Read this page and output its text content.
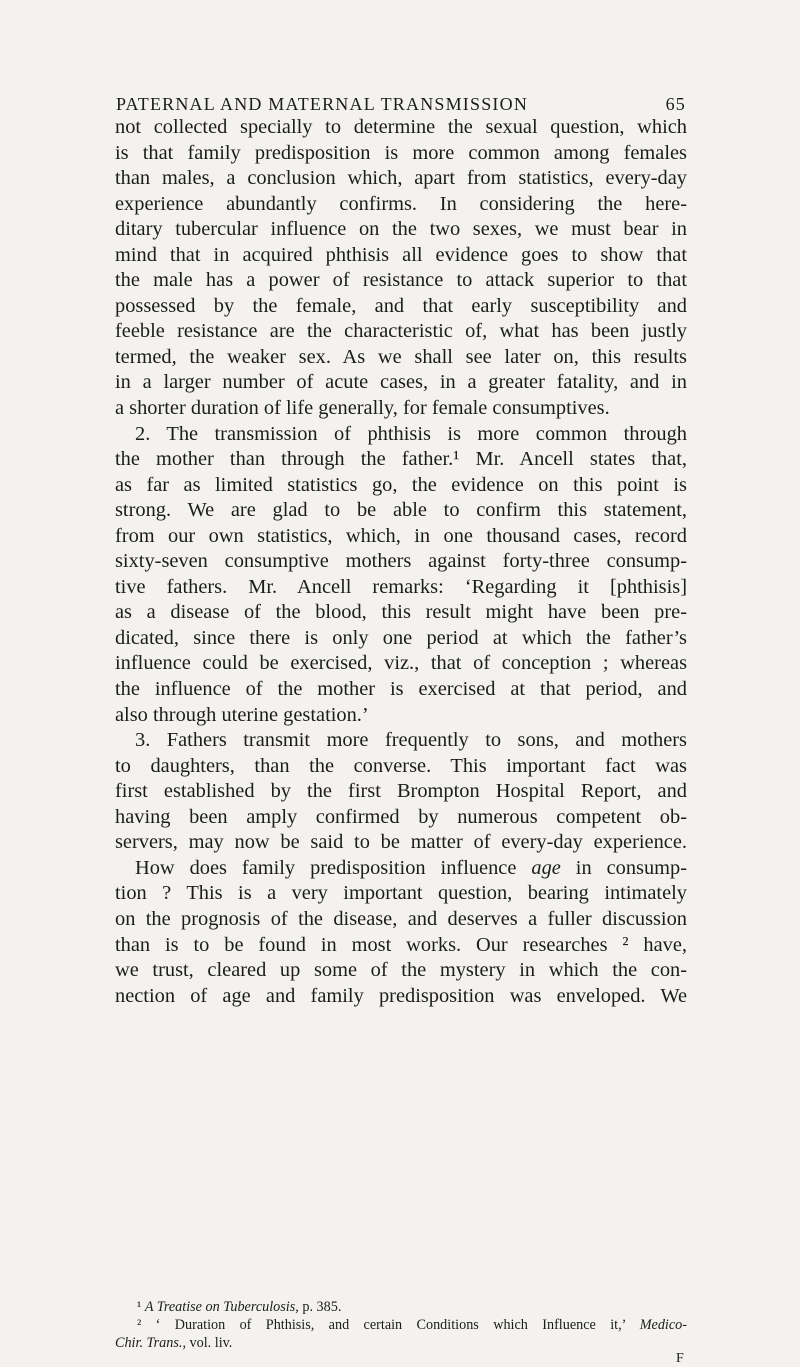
PATERNAL AND MATERNAL TRANSMISSION	65
not collected specially to determine the sexual question, which
is that family predisposition is more common among females
than males, a conclusion which, apart from statistics, every-day
experience abundantly confirms. In considering the here-
ditary tubercular influence on the two sexes, we must bear in
mind that in acquired phthisis all evidence goes to show that
the male has a power of resistance to attack superior to that
possessed by the female, and that early susceptibility and
feeble resistance are the characteristic of, what has been justly
termed, the weaker sex. As we shall see later on, this results
in a larger number of acute cases, in a greater fatality, and in
a shorter duration of life generally, for female consumptives.
2. The transmission of phthisis is more common through
the mother than through the father.¹ Mr. Ancell states that,
as far as limited statistics go, the evidence on this point is
strong. We are glad to be able to confirm this statement,
from our own statistics, which, in one thousand cases, record
sixty-seven consumptive mothers against forty-three consump-
tive fathers. Mr. Ancell remarks: ‘Regarding it [phthisis]
as a disease of the blood, this result might have been pre-
dicated, since there is only one period at which the father’s
influence could be exercised, viz., that of conception ; whereas
the influence of the mother is exercised at that period, and
also through uterine gestation.’
3. Fathers transmit more frequently to sons, and mothers
to daughters, than the converse. This important fact was
first established by the first Brompton Hospital Report, and
having been amply confirmed by numerous competent ob-
servers, may now be said to be matter of every-day experience.
How does family predisposition influence age in consump-
tion ? This is a very important question, bearing intimately
on the prognosis of the disease, and deserves a fuller discussion
than is to be found in most works. Our researches ² have,
we trust, cleared up some of the mystery in which the con-
nection of age and family predisposition was enveloped. We
¹ A Treatise on Tuberculosis, p. 385.
² ‘ Duration of Phthisis, and certain Conditions which Influence it,’ Medico-
Chir. Trans., vol. liv.
F
